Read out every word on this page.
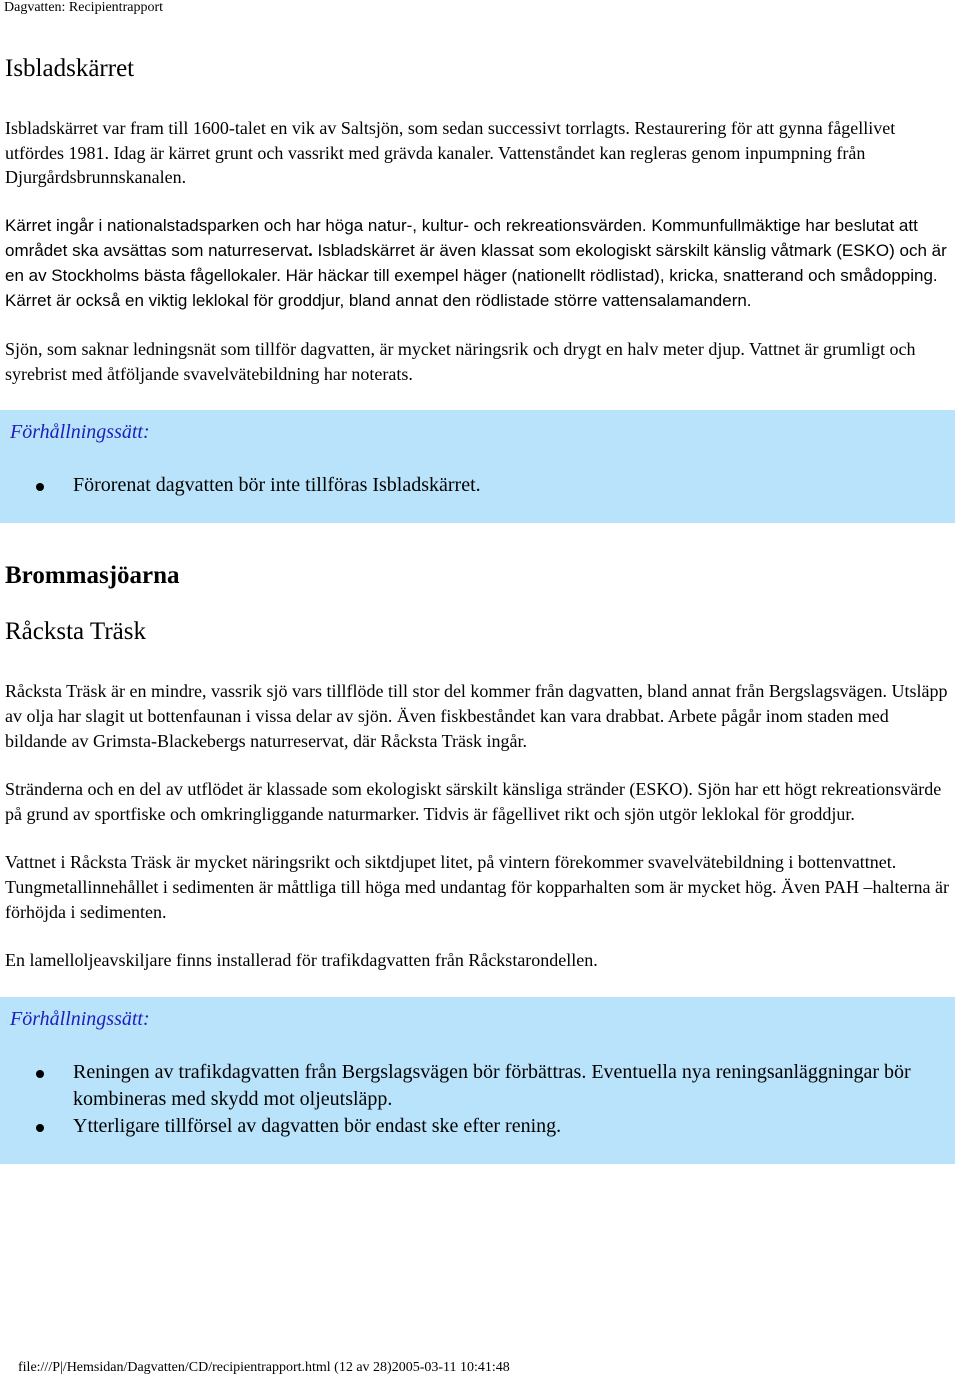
Dagvatten: Recipientrapport
Isbladskärret

Isbladskärret var fram till 1600-talet en vik av Saltsjön, som sedan successivt torrlagts. Restaurering för att gynna fågellivet utfördes 1981. Idag är kärret grunt och vassrikt med grävda kanaler. Vattenståndet kan regleras genom inpumpning från Djurgårdsbrunnskanalen.

Kärret ingår i nationalstadsparken och har höga natur-, kultur- och rekreationsvärden. Kommunfullmäktige har beslutat att området ska avsättas som naturreservat. Isbladskärret är även klassat som ekologiskt särskilt känslig våtmark (ESKO) och är en av Stockholms bästa fågellokaler. Här häckar till exempel häger (nationellt rödlistad), kricka, snatterand och smådopping. Kärret är också en viktig leklokal för groddjur, bland annat den rödlistade större vattensalamandern.

Sjön, som saknar ledningsnät som tillför dagvatten, är mycket näringsrik och drygt en halv meter djup. Vattnet är grumligt och syrebrist med åtföljande svavelvätebildning har noterats.

Förhållningssätt:
Förorenat dagvatten bör inte tillföras Isbladskärret.
Brommasjöarna
Råcksta Träsk

Råcksta Träsk är en mindre, vassrik sjö vars tillflöde till stor del kommer från dagvatten, bland annat från Bergslagsvägen. Utsläpp av olja har slagit ut bottenfaunan i vissa delar av sjön. Även fiskbeståndet kan vara drabbat. Arbete pågår inom staden med bildande av Grimsta-Blackebergs naturreservat, där Råcksta Träsk ingår.

Stränderna och en del av utflödet är klassade som ekologiskt särskilt känsliga stränder (ESKO). Sjön har ett högt rekreationsvärde på grund av sportfiske och omkringliggande naturmarker. Tidvis är fågellivet rikt och sjön utgör leklokal för groddjur.

Vattnet i Råcksta Träsk är mycket näringsrikt och siktdjupet litet, på vintern förekommer svavelvätebildning i bottenvattnet. Tungmetallinnehållet i sedimenten är måttliga till höga med undantag för kopparhalten som är mycket hög. Även PAH –halterna är förhöjda i sedimenten.

En lamelloljeavskiljare finns installerad för trafikdagvatten från Råckstarondellen.

Förhållningssätt:
Reningen av trafikdagvatten från Bergslagsvägen bör förbättras. Eventuella nya reningsanläggningar bör kombineras med skydd mot oljeutsläpp.
Ytterligare tillförsel av dagvatten bör endast ske efter rening.
file:///P|/Hemsidan/Dagvatten/CD/recipientrapport.html (12 av 28)2005-03-11 10:41:48
